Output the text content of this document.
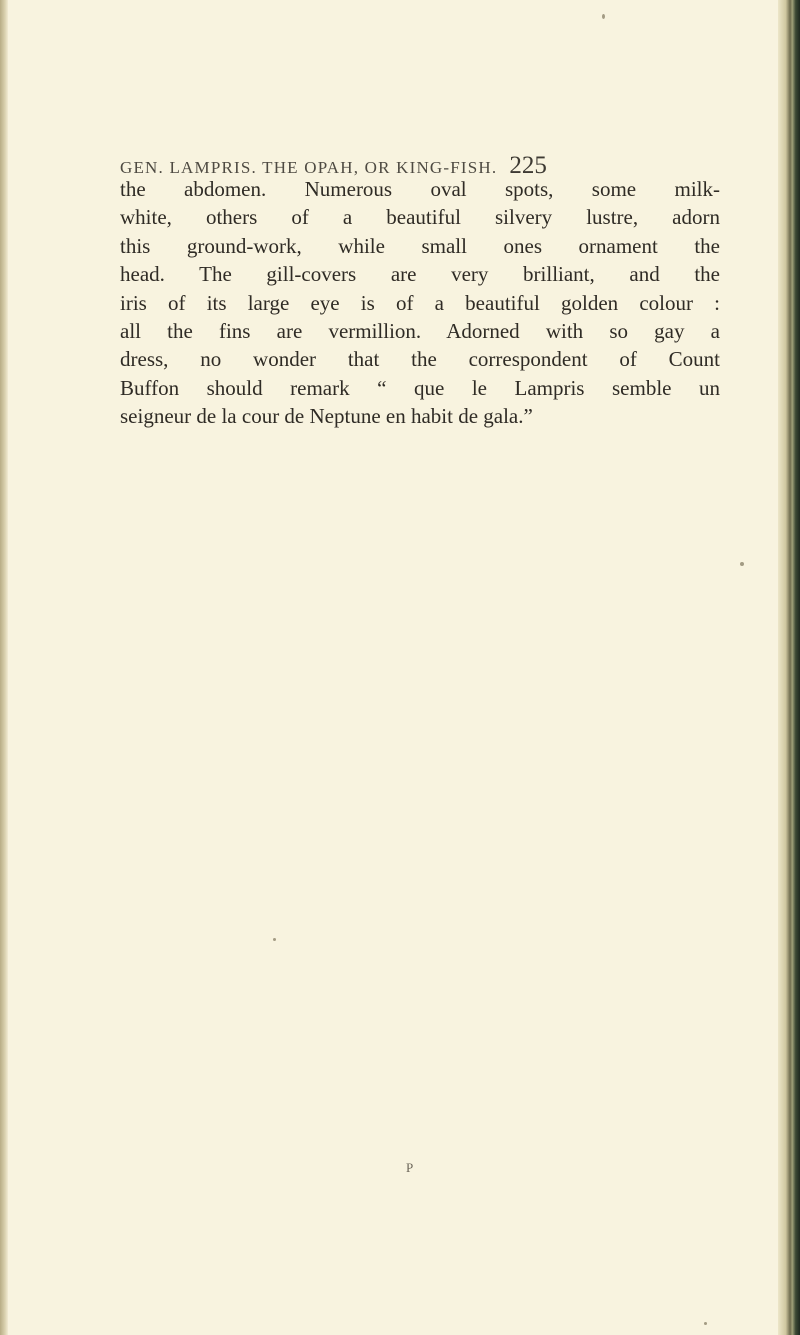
GEN. LAMPRIS. THE OPAH, OR KING-FISH. 225

the abdomen. Numerous oval spots, some milk-
white, others of a beautiful silvery lustre, adorn
this ground-work, while small ones ornament the
head. The gill-covers are very brilliant, and the
iris of its large eye is of a beautiful golden colour :
all the fins are vermillion. Adorned with so gay a
dress, no wonder that the correspondent of Count
Buffon should remark “ que le Lampris semble un
seigneur de la cour de Neptune en habit de gala.”

P
